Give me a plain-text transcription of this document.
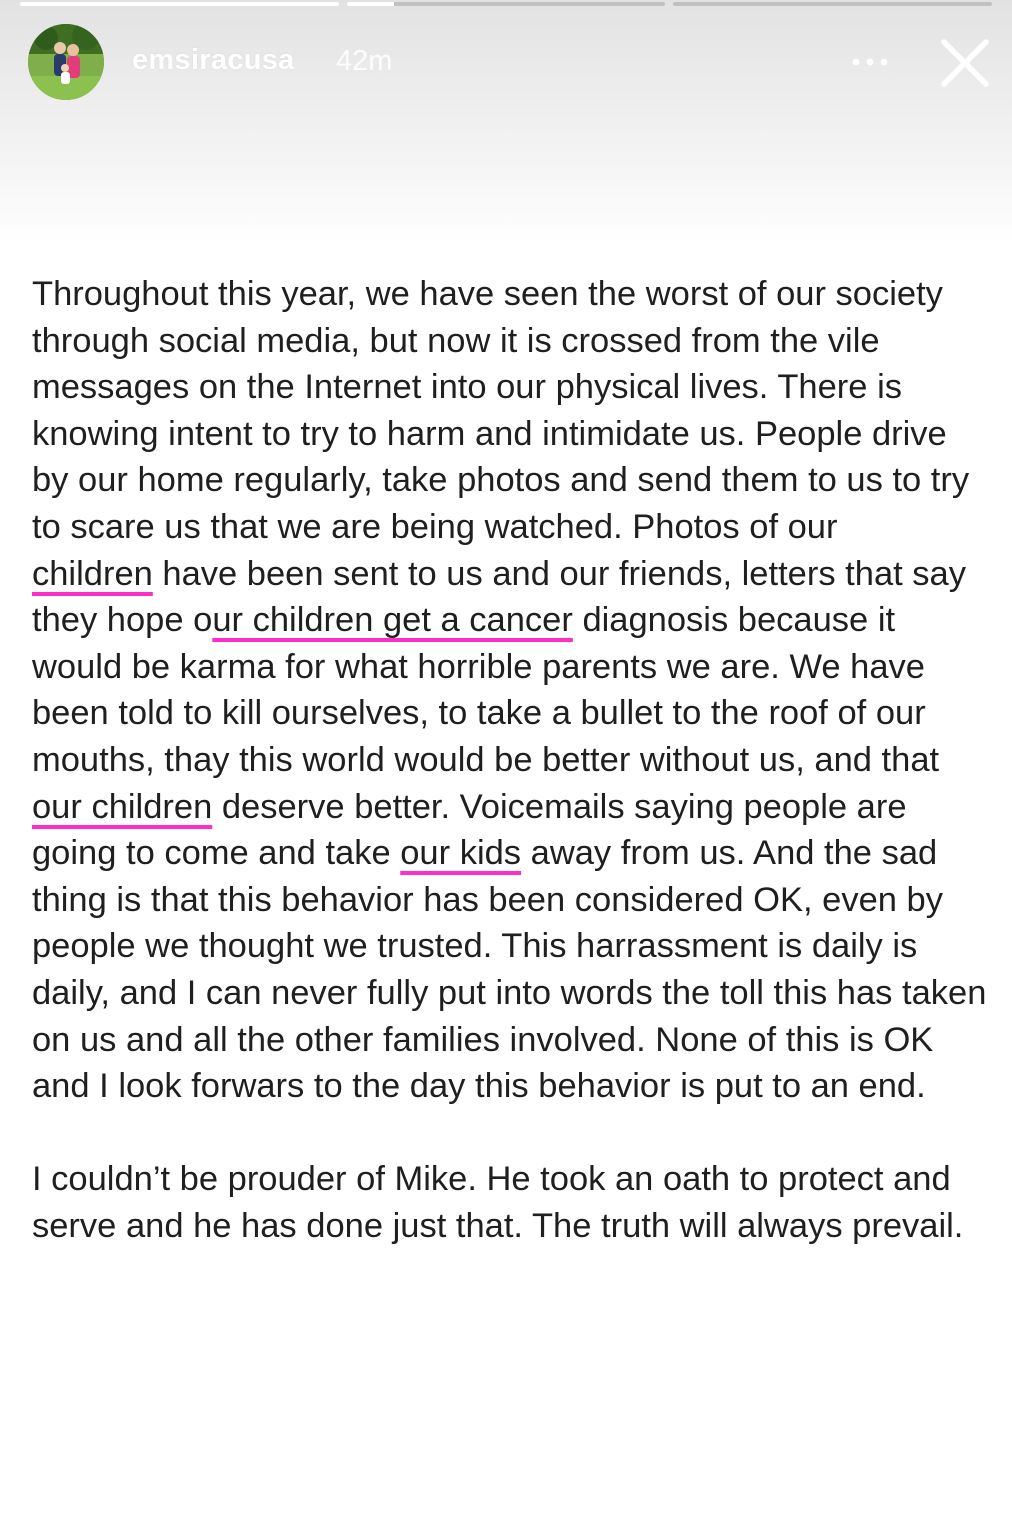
emsiracusa 42m

Throughout this year, we have seen the worst of our society through social media, but now it is crossed from the vile messages on the Internet into our physical lives. There is knowing intent to try to harm and intimidate us. People drive by our home regularly, take photos and send them to us to try to scare us that we are being watched. Photos of our
children have been sent to us and our friends, letters that say they hope our children get a cancer diagnosis because it would be karma for what horrible parents we are. We have been told to kill ourselves, to take a bullet to the roof of our mouths, thay this world would be better without us, and that our children deserve better. Voicemails saying people are going to come and take our kids away from us. And the sad thing is that this behavior has been considered OK, even by people we thought we trusted. This harrassment is daily is daily, and I can never fully put into words the toll this has taken on us and all the other families involved. None of this is OK and I look forwars to the day this behavior is put to an end.

I couldn’t be prouder of Mike. He took an oath to protect and serve and he has done just that. The truth will always prevail.
